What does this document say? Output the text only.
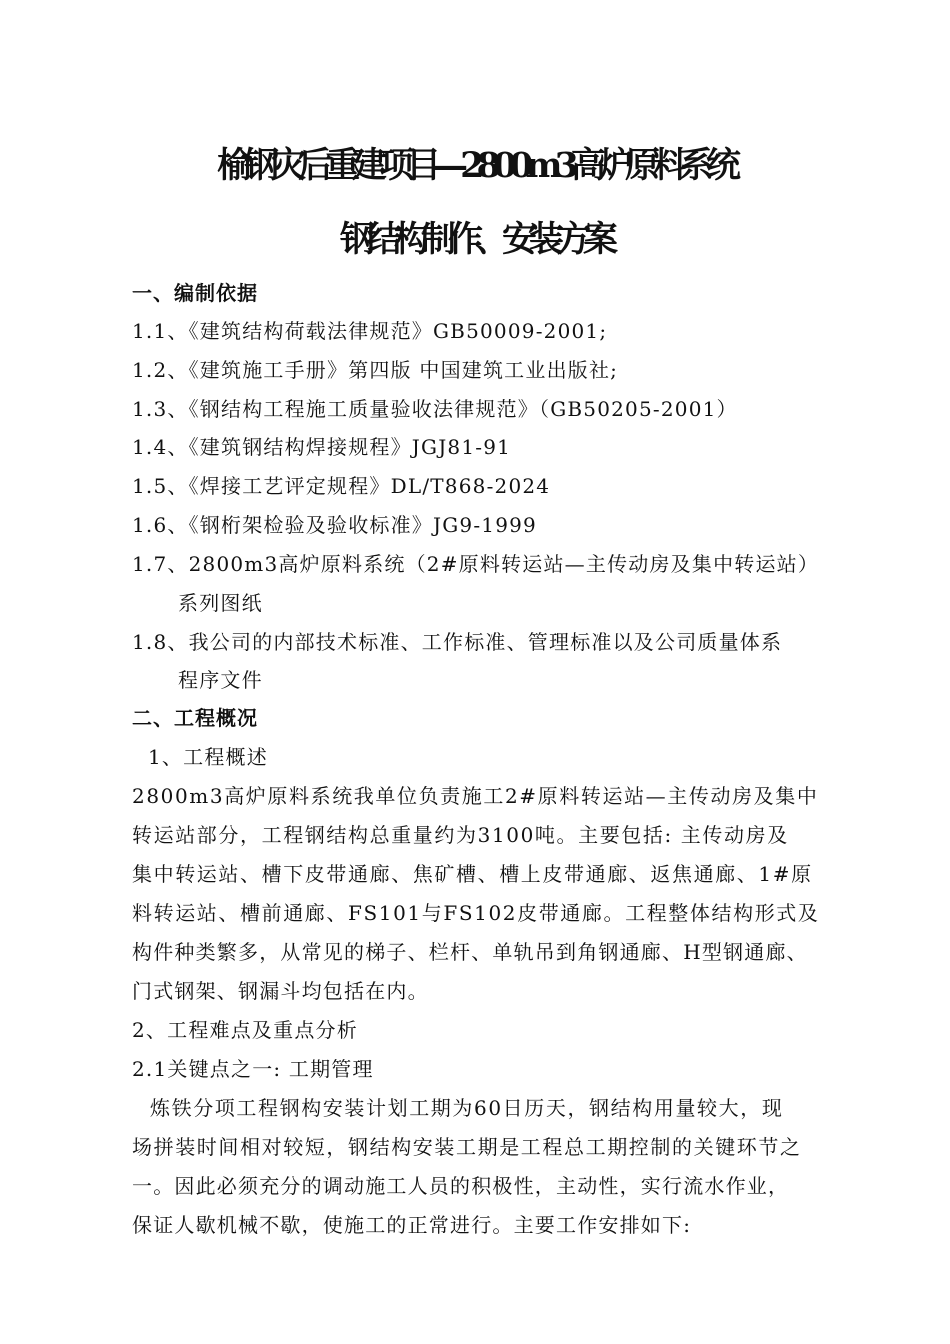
榆钢灾后重建项目—2800m3高炉原料系统
钢结构制作、安装方案
一、编制依据
1.1、《建筑结构荷载法律规范》GB50009-2001;
1.2、《建筑施工手册》第四版 中国建筑工业出版社;
1.3、《钢结构工程施工质量验收法律规范》（GB50205-2001）
1.4、《建筑钢结构焊接规程》JGJ81-91
1.5、《焊接工艺评定规程》DL/T868-2024
1.6、《钢桁架检验及验收标准》JG9-1999
1.7、2800m3高炉原料系统（2#原料转运站—主传动房及集中转运站）
系列图纸
1.8、我公司的内部技术标准、工作标准、管理标准以及公司质量体系
程序文件
二、工程概况
1、工程概述
2800m3高炉原料系统我单位负责施工2#原料转运站—主传动房及集中
转运站部分，工程钢结构总重量约为3100吨。主要包括: 主传动房及
集中转运站、槽下皮带通廊、焦矿槽、槽上皮带通廊、返焦通廊、1#原
料转运站、槽前通廊、FS101与FS102皮带通廊。工程整体结构形式及
构件种类繁多，从常见的梯子、栏杆、单轨吊到角钢通廊、H型钢通廊、
门式钢架、钢漏斗均包括在内。
2、工程难点及重点分析
2.1关键点之一: 工期管理
炼铁分项工程钢构安装计划工期为60日历天，钢结构用量较大，现
场拼装时间相对较短，钢结构安装工期是工程总工期控制的关键环节之
一。因此必须充分的调动施工人员的积极性，主动性，实行流水作业，
保证人歇机械不歇，使施工的正常进行。主要工作安排如下:
